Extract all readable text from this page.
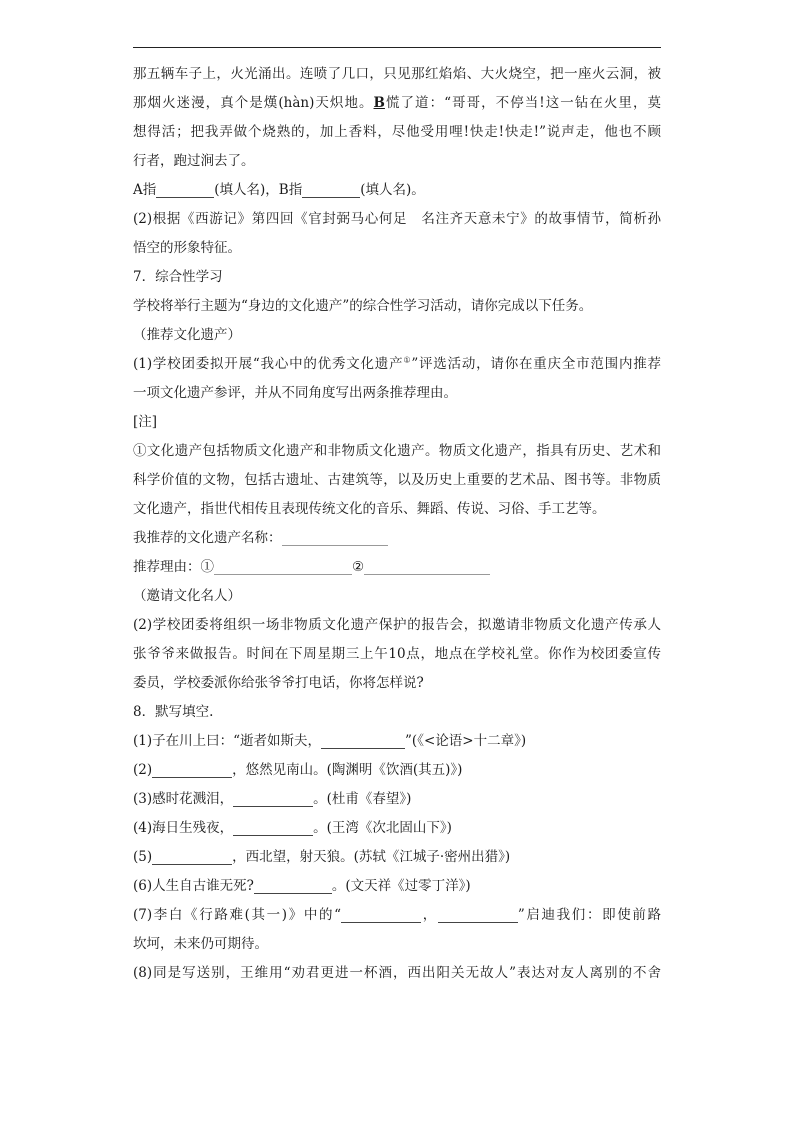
那五辆车子上，火光涌出。连喷了几口，只见那红焰焰、大火烧空，把一座火云洞，被

那烟火迷漫，真个是熯(hàn)天炽地。B慌了道：“哥哥，不停当!这一钻在火里，莫

想得活；把我弄做个烧熟的，加上香料，尽他受用哩!快走!快走!”说声走，他也不顾

行者，跑过涧去了。

A指	(填人名)，B指	(填人名)。

(2)根据《西游记》第四回《官封弼马心何足　名注齐天意未宁》的故事情节，简析孙

悟空的形象特征。

7．综合性学习

学校将举行主题为“身边的文化遗产”的综合性学习活动，请你完成以下任务。

（推荐文化遗产）

(1)学校团委拟开展“我心中的优秀文化遗产①”评选活动，请你在重庆全市范围内推荐

一项文化遗产参评，并从不同角度写出两条推荐理由。

[注]

①文化遗产包括物质文化遗产和非物质文化遗产。物质文化遗产，指具有历史、艺术和

科学价值的文物，包括古遗址、古建筑等，以及历史上重要的艺术品、图书等。非物质

文化遗产，指世代相传且表现传统文化的音乐、舞蹈、传说、习俗、手工艺等。

我推荐的文化遗产名称：

推荐理由：①	②

（邀请文化名人）

(2)学校团委将组织一场非物质文化遗产保护的报告会，拟邀请非物质文化遗产传承人

张爷爷来做报告。时间在下周星期三上午10点，地点在学校礼堂。你作为校团委宣传

委员，学校委派你给张爷爷打电话，你将怎样说?

8．默写填空.

(1)子在川上曰：“逝者如斯夫，	”(《<论语>十二章》)

(2)	，悠然见南山。(陶渊明《饮酒(其五)》)

(3)感时花溅泪，	。(杜甫《春望》)

(4)海日生残夜，	。(王湾《次北固山下》)

(5)	，西北望，射天狼。(苏轼《江城子·密州出猎》)

(6)人生自古谁无死?	。(文天祥《过零丁洋》)

(7)李白《行路难(其一)》中的“	，	”启迪我们：即使前路

坎坷，未来仍可期待。

(8)同是写送别，王维用“劝君更进一杯酒，西出阳关无故人”表达对友人离别的不舍
